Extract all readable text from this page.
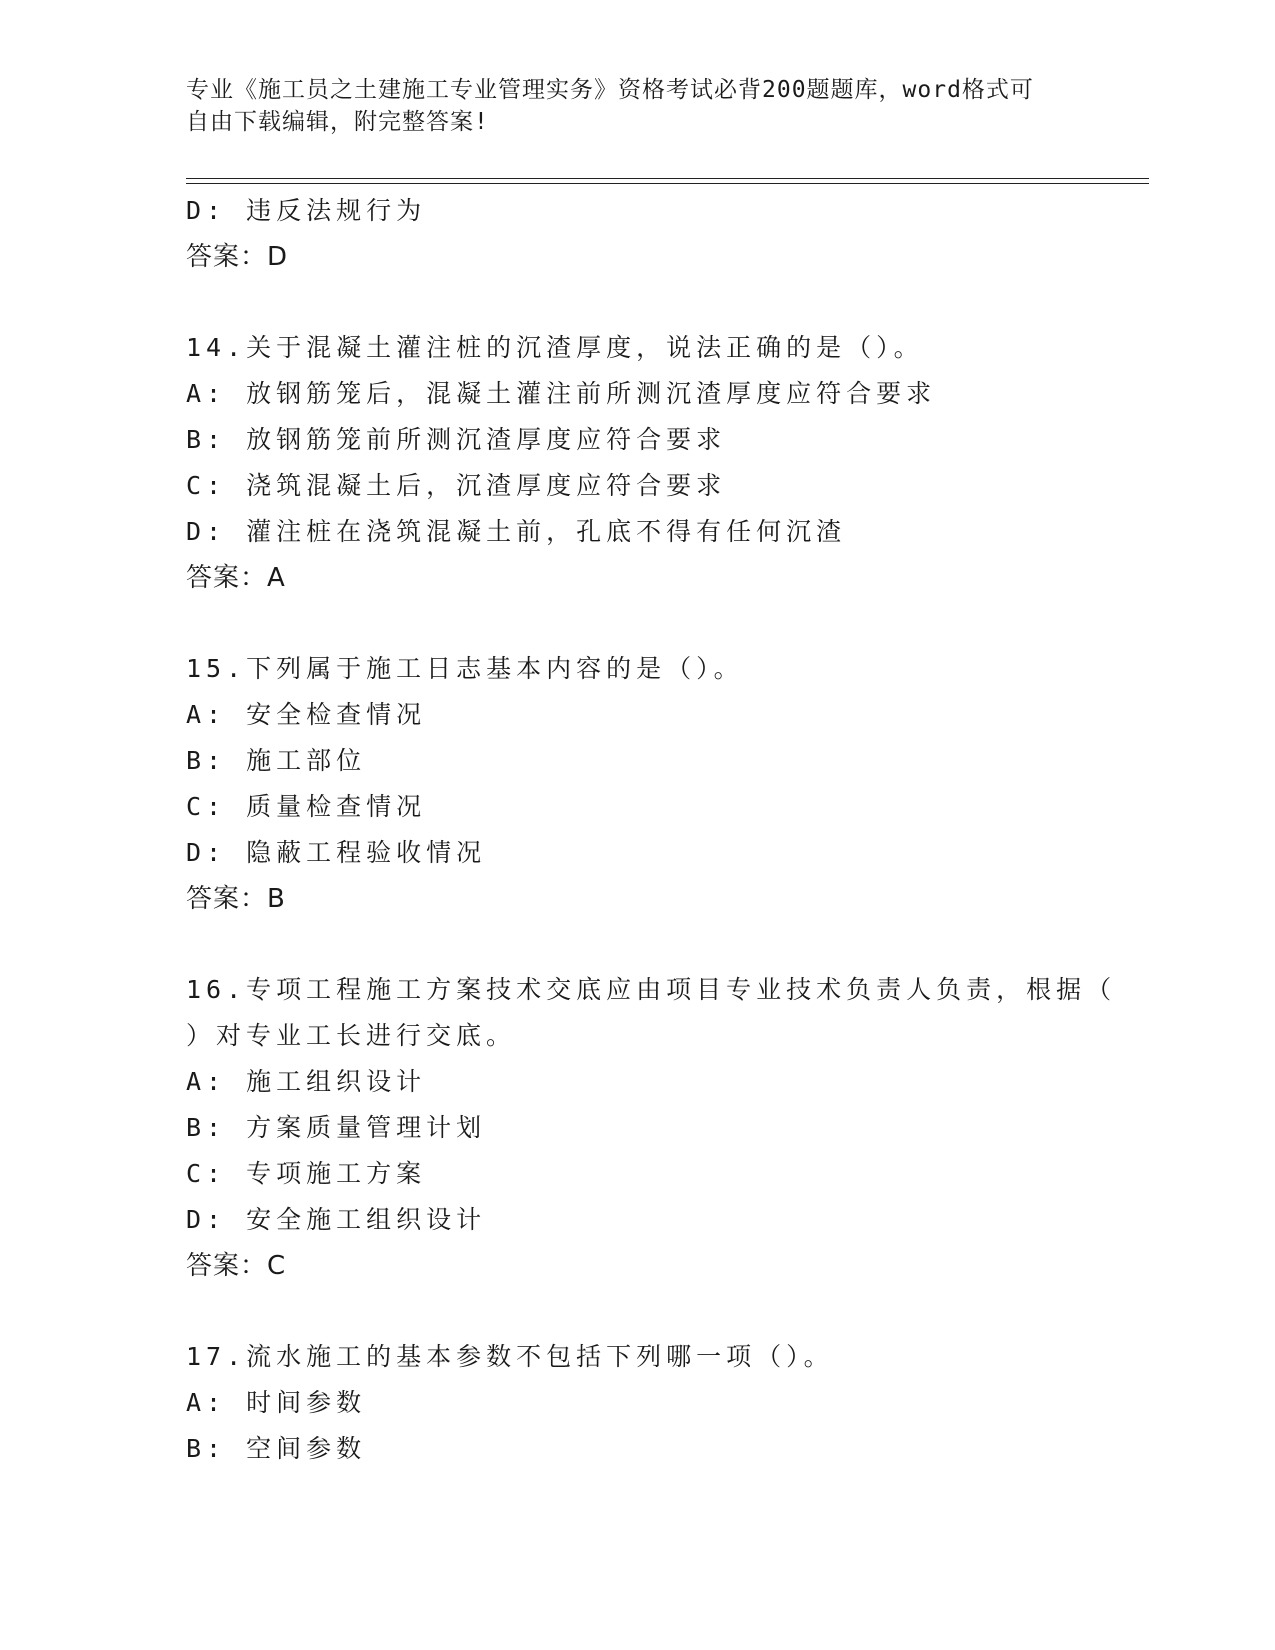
专业《施工员之土建施工专业管理实务》资格考试必背200题题库，word格式可
自由下载编辑，附完整答案!
D: 违反法规行为
答案：D
14.关于混凝土灌注桩的沉渣厚度，说法正确的是（）。
A: 放钢筋笼后，混凝土灌注前所测沉渣厚度应符合要求
B: 放钢筋笼前所测沉渣厚度应符合要求
C: 浇筑混凝土后，沉渣厚度应符合要求
D: 灌注桩在浇筑混凝土前，孔底不得有任何沉渣
答案：A
15.下列属于施工日志基本内容的是（）。
A: 安全检查情况
B: 施工部位
C: 质量检查情况
D: 隐蔽工程验收情况
答案：B
16.专项工程施工方案技术交底应由项目专业技术负责人负责，根据（
）对专业工长进行交底。
A: 施工组织设计
B: 方案质量管理计划
C: 专项施工方案
D: 安全施工组织设计
答案：C
17.流水施工的基本参数不包括下列哪一项（）。
A: 时间参数
B: 空间参数
